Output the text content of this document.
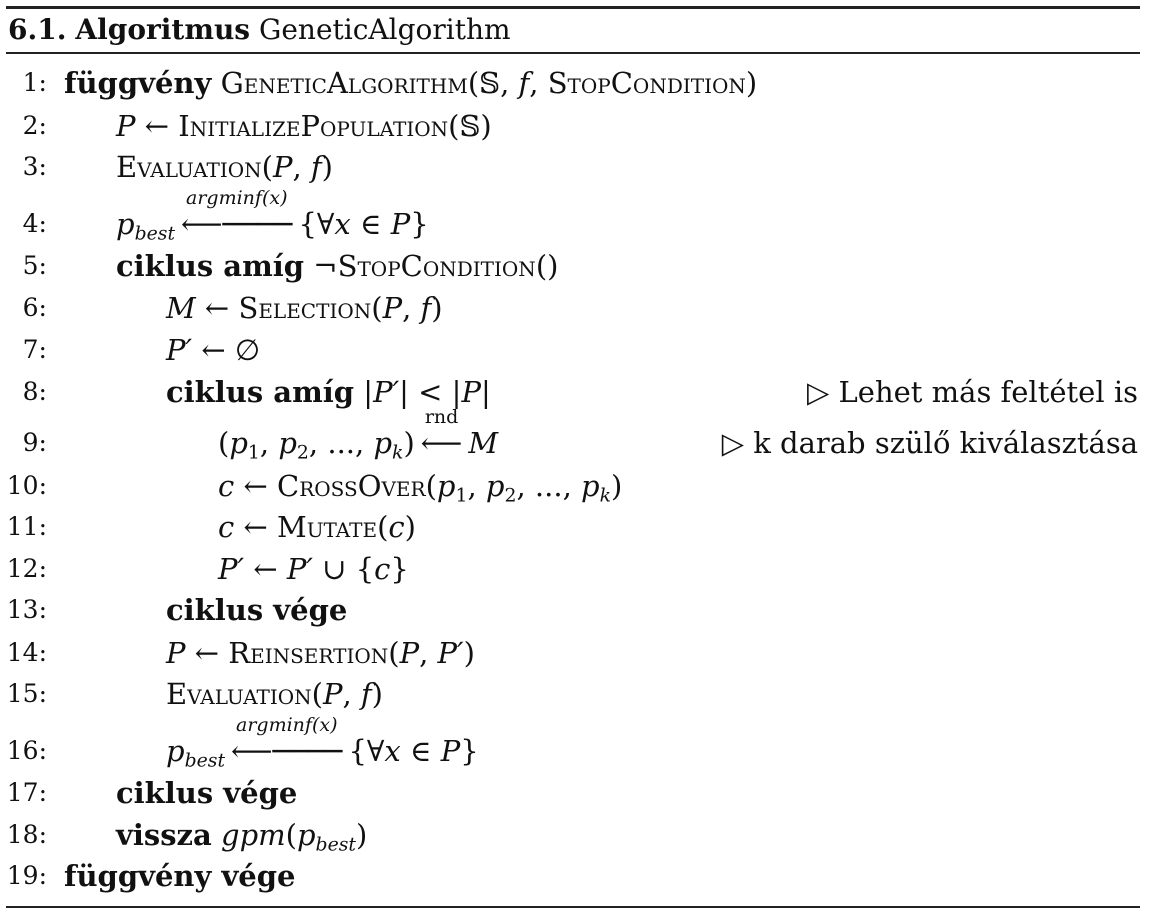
6.1. Algoritmus GeneticAlgorithm
1: függvény GeneticAlgorithm(𝕊, f, StopCondition)
2: P ← InitializePopulation(𝕊)
3: Evaluation(P, f)
4: $p_{best}$
argminf(x)
⟵──── {∀x ∈ P}
5: ciklus amíg ¬StopCondition()
6:	M ← Selection(P, f)
7:	P′ ← ∅
8:	ciklus amíg |P′| < |P|	▷ Lehet más feltétel is
9:	($p_1$, $p_2$, ..., $p_k$)
rnd
⟵ M	▷ k darab szülő kiválasztása
10:	c ← $CrossOver(p_1$, $p_2$, ..., $p_k$)
11:	c ← Mutate(c)
12:	P′ ← P′ ∪ {c}
13:	ciklus vége
14:	P ← Reinsertion(P, P′)
15:	Evaluation(P, f)
16:	$p_{best}$
argminf(x)
⟵──── {∀x ∈ P}
17: ciklus vége
18: vissza $gpm(p_{best})$
19: függvény vége
